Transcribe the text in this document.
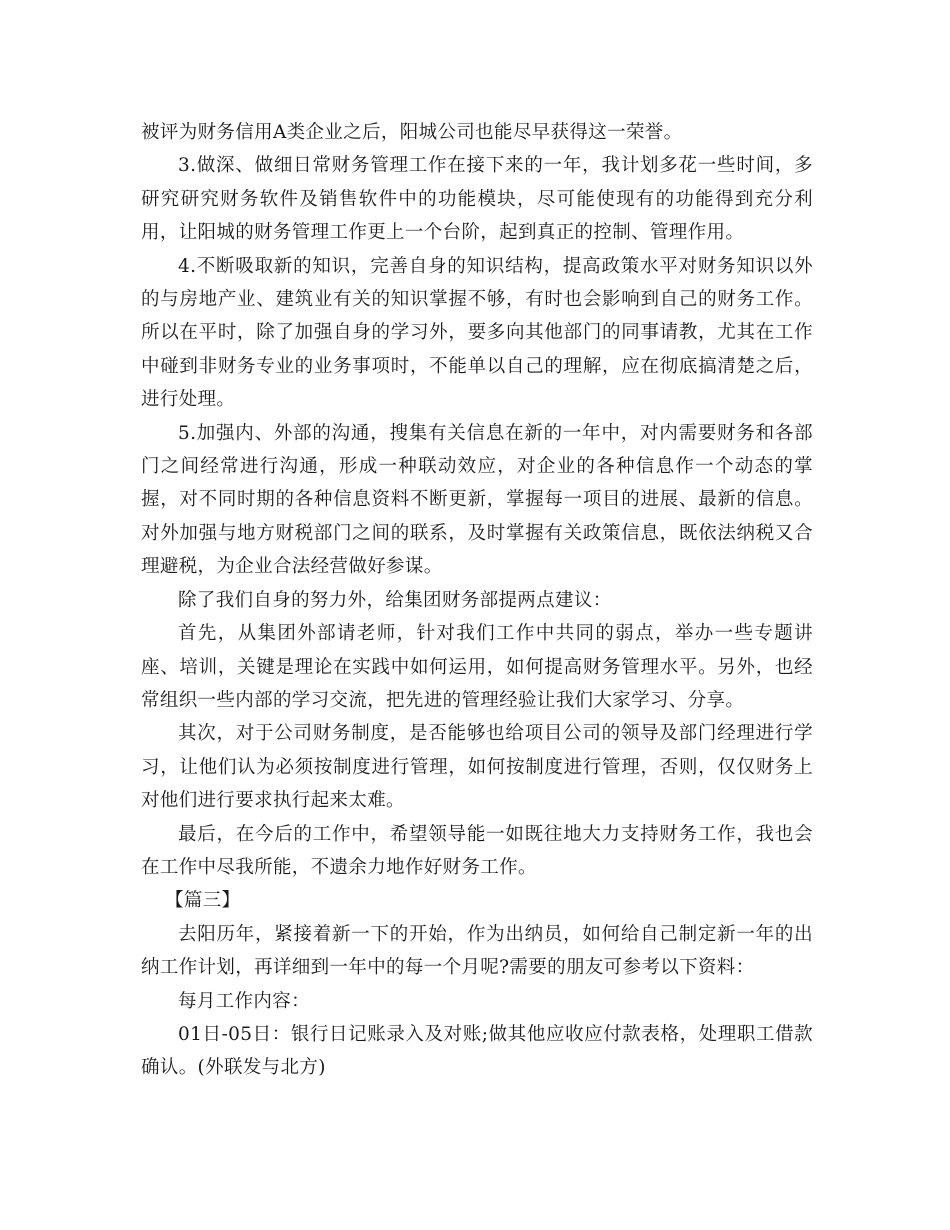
被评为财务信用A类企业之后，阳城公司也能尽早获得这一荣誉。

3.做深、做细日常财务管理工作在接下来的一年，我计划多花一些时间，多研究研究财务软件及销售软件中的功能模块，尽可能使现有的功能得到充分利用，让阳城的财务管理工作更上一个台阶，起到真正的控制、管理作用。

4.不断吸取新的知识，完善自身的知识结构，提高政策水平对财务知识以外的与房地产业、建筑业有关的知识掌握不够，有时也会影响到自己的财务工作。所以在平时，除了加强自身的学习外，要多向其他部门的同事请教，尤其在工作中碰到非财务专业的业务事项时，不能单以自己的理解，应在彻底搞清楚之后，进行处理。

5.加强内、外部的沟通，搜集有关信息在新的一年中，对内需要财务和各部门之间经常进行沟通，形成一种联动效应，对企业的各种信息作一个动态的掌握，对不同时期的各种信息资料不断更新，掌握每一项目的进展、最新的信息。对外加强与地方财税部门之间的联系，及时掌握有关政策信息，既依法纳税又合理避税，为企业合法经营做好参谋。

除了我们自身的努力外，给集团财务部提两点建议：

首先，从集团外部请老师，针对我们工作中共同的弱点，举办一些专题讲座、培训，关键是理论在实践中如何运用，如何提高财务管理水平。另外，也经常组织一些内部的学习交流，把先进的管理经验让我们大家学习、分享。

其次，对于公司财务制度，是否能够也给项目公司的领导及部门经理进行学习，让他们认为必须按制度进行管理，如何按制度进行管理，否则，仅仅财务上对他们进行要求执行起来太难。

最后，在今后的工作中，希望领导能一如既往地大力支持财务工作，我也会在工作中尽我所能，不遗余力地作好财务工作。

【篇三】

去阳历年，紧接着新一下的开始，作为出纳员，如何给自己制定新一年的出纳工作计划，再详细到一年中的每一个月呢?需要的朋友可参考以下资料：

每月工作内容：

01日-05日：银行日记账录入及对账;做其他应收应付款表格，处理职工借款确认。(外联发与北方)
